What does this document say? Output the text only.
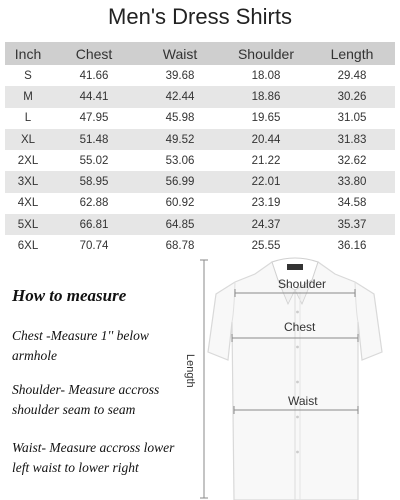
Men's Dress Shirts
Inch	Chest	Waist	Shoulder	Length
S	41.66	39.68	18.08	29.48
M	44.41	42.44	18.86	30.26
L	47.95	45.98	19.65	31.05
XL	51.48	49.52	20.44	31.83
2XL	55.02	53.06	21.22	32.62
3XL	58.95	56.99	22.01	33.80
4XL	62.88	60.92	23.19	34.58
5XL	66.81	64.85	24.37	35.37
6XL	70.74	68.78	25.55	36.16
How to measure
Chest -Measure 1'' below armhole
Shoulder- Measure accross shoulder seam to seam
Waist- Measure accross lower left waist to lower right
Shoulder
Chest
Waist
Length
